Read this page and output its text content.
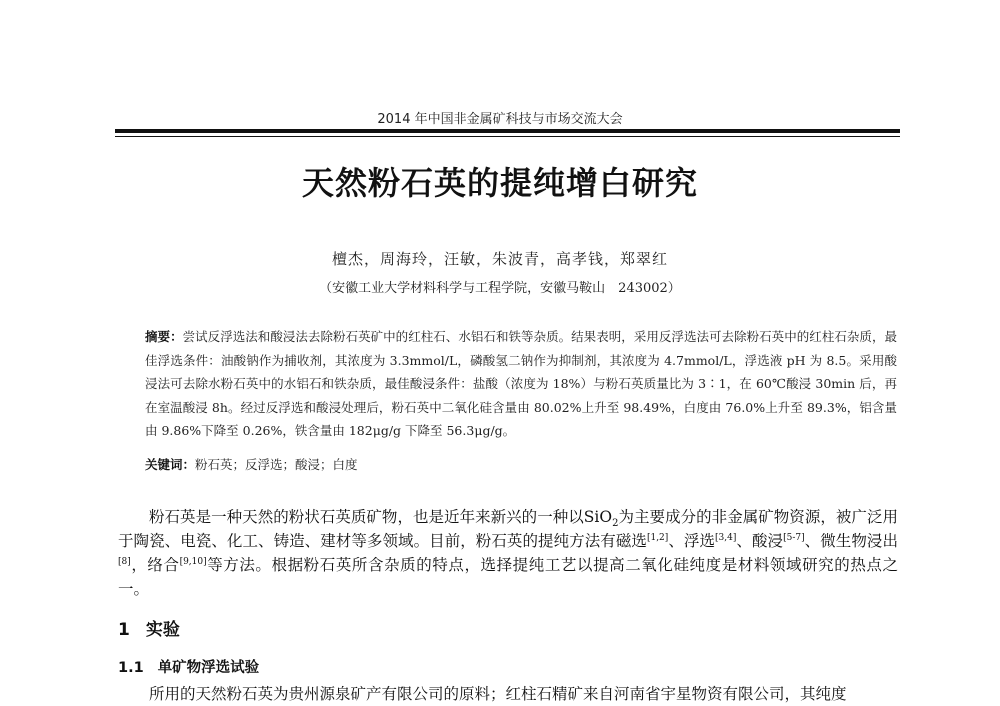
2014 年中国非金属矿科技与市场交流大会
天然粉石英的提纯增白研究
檀杰，周海玲，汪敏，朱波青，高孝钱，郑翠红
（安徽工业大学材料科学与工程学院，安徽马鞍山　243002）
摘要：尝试反浮选法和酸浸法去除粉石英矿中的红柱石、水铝石和铁等杂质。结果表明，采用反浮选法可去除粉石英中的红柱石杂质，最佳浮选条件：油酸钠作为捕收剂，其浓度为 3.3mmol/L，磷酸氢二钠作为抑制剂，其浓度为 4.7mmol/L，浮选液 pH 为 8.5。采用酸浸法可去除水粉石英中的水铝石和铁杂质，最佳酸浸条件：盐酸（浓度为 18%）与粉石英质量比为 3∶1，在 60℃酸浸 30min 后，再在室温酸浸 8h。经过反浮选和酸浸处理后，粉石英中二氧化硅含量由 80.02%上升至 98.49%，白度由 76.0%上升至 89.3%，铝含量由 9.86%下降至 0.26%，铁含量由 182μg/g 下降至 56.3μg/g。
关键词：粉石英；反浮选；酸浸；白度
粉石英是一种天然的粉状石英质矿物，也是近年来新兴的一种以SiO$_2$为主要成分的非金属矿物资源，被广泛用于陶瓷、电瓷、化工、铸造、建材等多领域。目前，粉石英的提纯方法有磁选[1,2]、浮选[3,4]、酸浸[5-7]、微生物浸出[8]，络合[9,10]等方法。根据粉石英所含杂质的特点，选择提纯工艺以提高二氧化硅纯度是材料领域研究的热点之一。
1 实验
1.1 单矿物浮选试验
所用的天然粉石英为贵州源泉矿产有限公司的原料；红柱石精矿来自河南省宇星物资有限公司，其纯度
